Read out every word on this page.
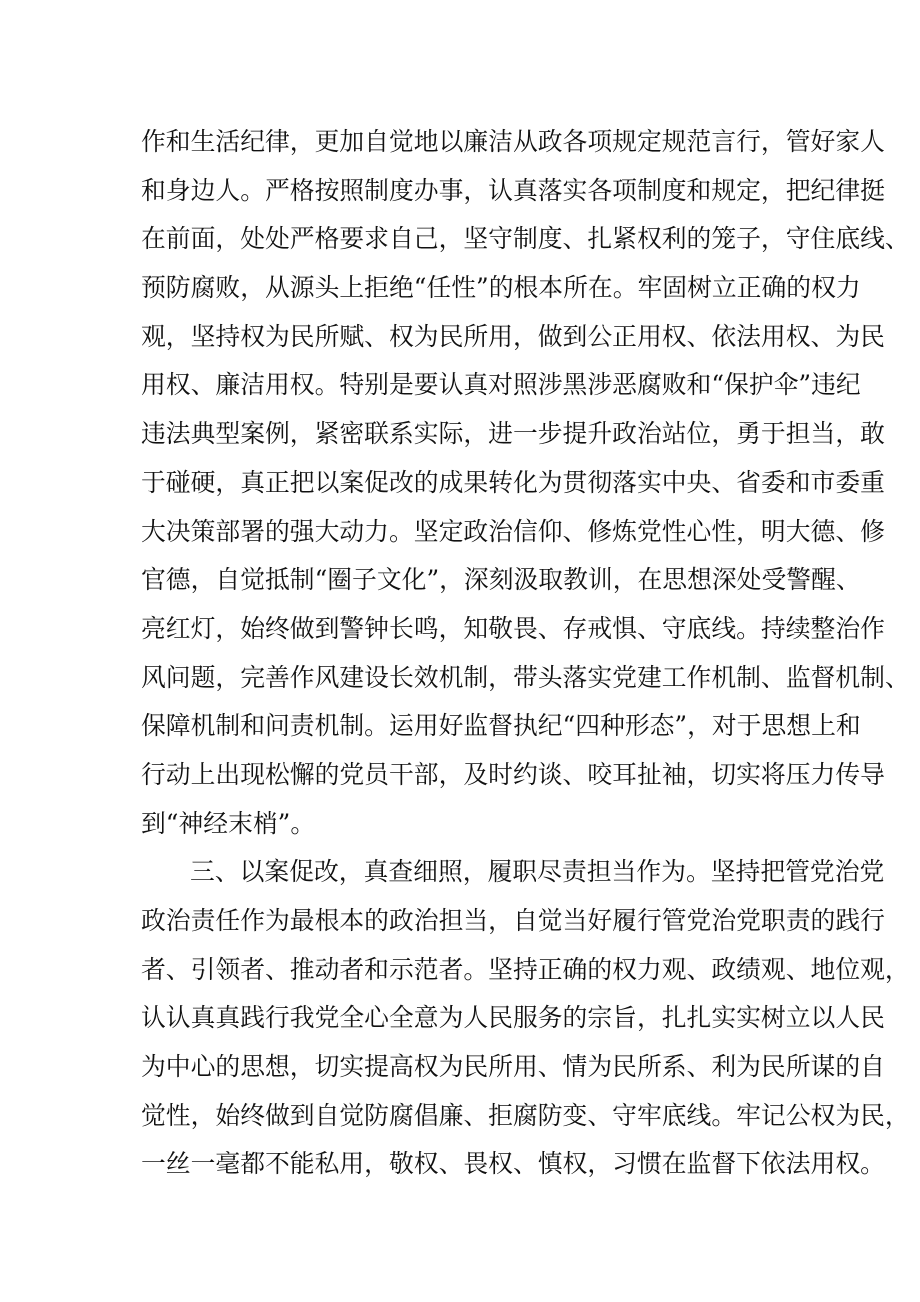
作和生活纪律，更加自觉地以廉洁从政各项规定规范言行，管好家人
和身边人。严格按照制度办事，认真落实各项制度和规定，把纪律挺
在前面，处处严格要求自己，坚守制度、扎紧权利的笼子，守住底线、
预防腐败，从源头上拒绝“任性”的根本所在。牢固树立正确的权力
观，坚持权为民所赋、权为民所用，做到公正用权、依法用权、为民
用权、廉洁用权。特别是要认真对照涉黑涉恶腐败和“保护伞”违纪
违法典型案例，紧密联系实际，进一步提升政治站位，勇于担当，敢
于碰硬，真正把以案促改的成果转化为贯彻落实中央、省委和市委重
大决策部署的强大动力。坚定政治信仰、修炼党性心性，明大德、修
官德，自觉抵制“圈子文化”，深刻汲取教训，在思想深处受警醒、
亮红灯，始终做到警钟长鸣，知敬畏、存戒惧、守底线。持续整治作
风问题，完善作风建设长效机制，带头落实党建工作机制、监督机制、
保障机制和问责机制。运用好监督执纪“四种形态”，对于思想上和
行动上出现松懈的党员干部，及时约谈、咬耳扯袖，切实将压力传导
到“神经末梢”。
三、以案促改，真查细照，履职尽责担当作为。坚持把管党治党
政治责任作为最根本的政治担当，自觉当好履行管党治党职责的践行
者、引领者、推动者和示范者。坚持正确的权力观、政绩观、地位观，
认认真真践行我党全心全意为人民服务的宗旨，扎扎实实树立以人民
为中心的思想，切实提高权为民所用、情为民所系、利为民所谋的自
觉性，始终做到自觉防腐倡廉、拒腐防变、守牢底线。牢记公权为民，
一丝一毫都不能私用，敬权、畏权、慎权，习惯在监督下依法用权。
